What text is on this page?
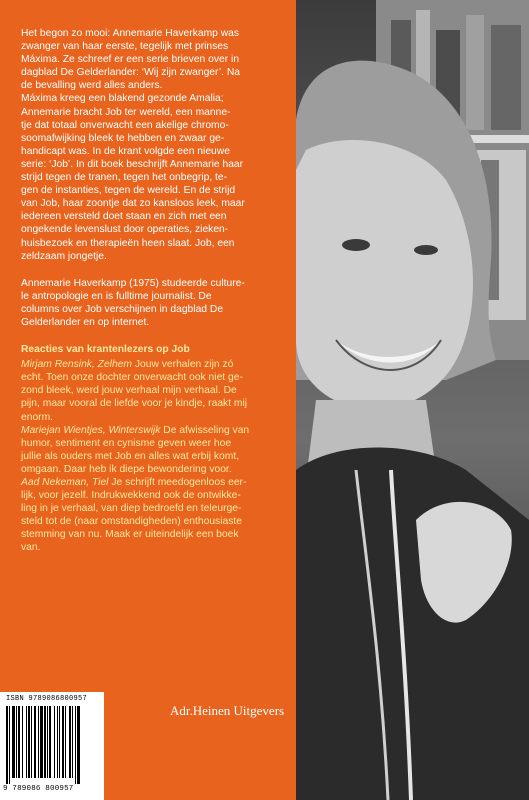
Het begon zo mooi: Annemarie Haverkamp was

zwanger van haar eerste, tegelijk met prinses

Máxima. Ze schreef er een serie brieven over in

dagblad De Gelderlander: ‘Wij zijn zwanger’. Na

de bevalling werd alles anders.

Máxima kreeg een blakend gezonde Amalia;

Annemarie bracht Job ter wereld, een manne-

tje dat totaal onverwacht een akelige chromo-

soomafwijking bleek te hebben en zwaar ge-

handicapt was. In de krant volgde een nieuwe

serie: ‘Job’. In dit boek beschrijft Annemarie haar

strijd tegen de tranen, tegen het onbegrip, te-

gen de instanties, tegen de wereld. En de strijd

van Job, haar zoontje dat zo kansloos leek, maar

iedereen versteld doet staan en zich met een

ongekende levenslust door operaties, zieken-

huisbezoek en therapieën heen slaat. Job, een

zeldzaam jongetje.

Annemarie Haverkamp (1975) studeerde culture-

le antropologie en is fulltime journalist. De

columns over Job verschijnen in dagblad De

Gelderlander en op internet.

Reacties van krantenlezers op Job

Mirjam Rensink, Zelhem Jouw verhalen zijn zó

echt. Toen onze dochter onverwacht ook niet ge-

zond bleek, werd jouw verhaal mijn verhaal. De

pijn, maar vooral de liefde voor je kindje, raakt mij

enorm.

Mariejan Wientjes, Winterswijk De afwisseling van

humor, sentiment en cynisme geven weer hoe

jullie als ouders met Job en alles wat erbij komt,

omgaan. Daar heb ik diepe bewondering voor.

Aad Nekeman, Tiel Je schrijft meedogenloos eer-

lijk, voor jezelf. Indrukwekkend ook de ontwikke-

ling in je verhaal, van diep bedroefd en teleurge-

steld tot de (naar omstandigheden) enthousiaste

stemming van nu. Maak er uiteindelijk een boek

van.

ISBN 9789086800957
9 789086 800957
Adr.Heinen Uitgevers
